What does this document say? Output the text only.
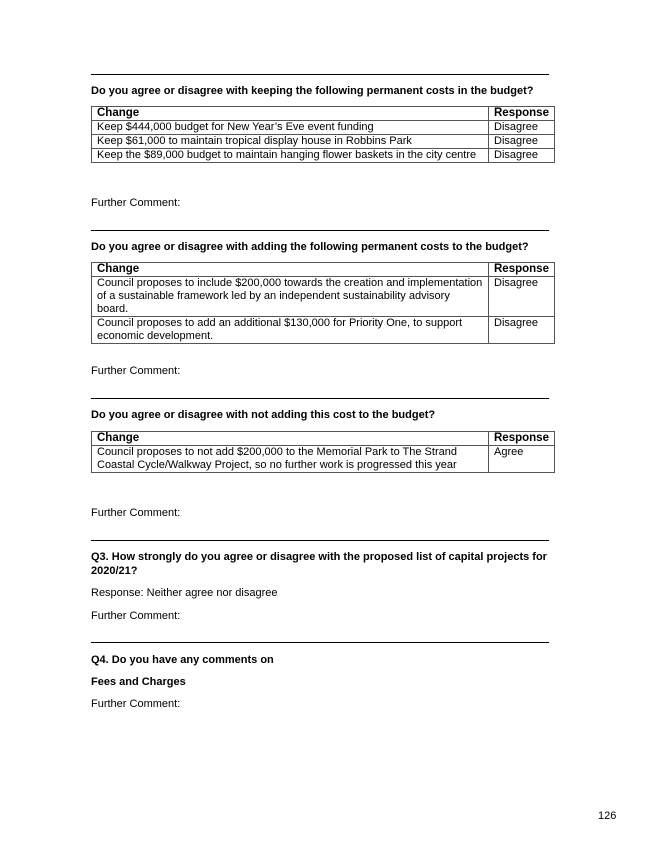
Do you agree or disagree with keeping the following permanent costs in the budget?
Change	Response
Keep $444,000 budget for New Year’s Eve event funding	Disagree
Keep $61,000 to maintain tropical display house in Robbins Park	Disagree
Keep the $89,000 budget to maintain hanging flower baskets in the city centre	Disagree
Further Comment:
Do you agree or disagree with adding the following permanent costs to the budget?
Change	Response
Council proposes to include $200,000 towards the creation and implementation of a sustainable framework led by an independent sustainability advisory board.	Disagree
Council proposes to add an additional $130,000 for Priority One, to support economic development.	Disagree
Further Comment:
Do you agree or disagree with not adding this cost to the budget?
Change	Response
Council proposes to not add $200,000 to the Memorial Park to The Strand Coastal Cycle/Walkway Project, so no further work is progressed this year	Agree
Further Comment:
Q3. How strongly do you agree or disagree with the proposed list of capital projects for 2020/21?
Response: Neither agree nor disagree
Further Comment:
Q4. Do you have any comments on
Fees and Charges
Further Comment:
126
